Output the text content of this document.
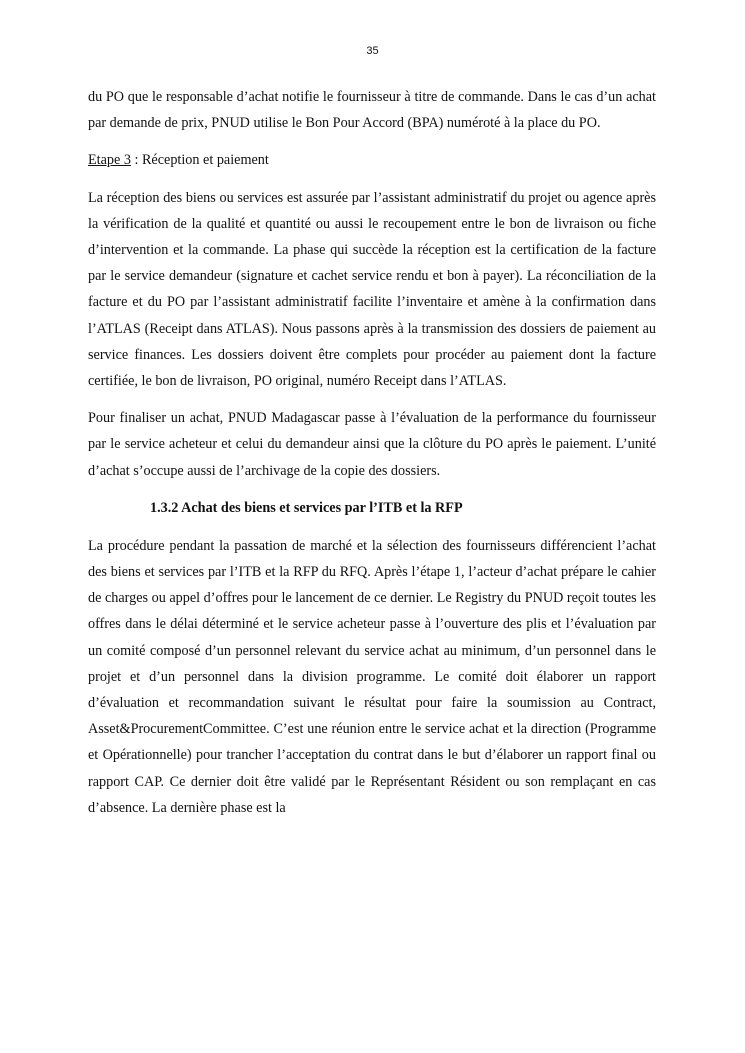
35

du PO que le responsable d’achat notifie le fournisseur à titre de commande. Dans le cas d’un achat par demande de prix, PNUD utilise le Bon Pour Accord (BPA) numéroté à la place du PO.

Etape 3 : Réception et paiement

La réception des biens ou services est assurée par l’assistant administratif du projet ou agence après la vérification de la qualité et quantité ou aussi le recoupement entre le bon de livraison ou fiche d’intervention et la commande. La phase qui succède la réception est la certification de la facture par le service demandeur (signature et cachet service rendu et bon à payer). La réconciliation de la facture et du PO par l’assistant administratif facilite l’inventaire et amène à la confirmation dans l’ATLAS (Receipt dans ATLAS). Nous passons après à la transmission des dossiers de paiement au service finances. Les dossiers doivent être complets pour procéder au paiement dont la facture certifiée, le bon de livraison, PO original, numéro Receipt dans l’ATLAS.

Pour finaliser un achat, PNUD Madagascar passe à l’évaluation de la performance du fournisseur par le service acheteur et celui du demandeur ainsi que la clôture du PO après le paiement. L’unité d’achat s’occupe aussi de l’archivage de la copie des dossiers.

1.3.2 Achat des biens et services par l’ITB et la RFP

La procédure pendant la passation de marché et la sélection des fournisseurs différencient l’achat des biens et services par l’ITB et la RFP du RFQ. Après l’étape 1, l’acteur d’achat prépare le cahier de charges ou appel d’offres pour le lancement de ce dernier. Le Registry du PNUD reçoit toutes les offres dans le délai déterminé et le service acheteur passe à l’ouverture des plis et l’évaluation par un comité composé d’un personnel relevant du service achat au minimum, d’un personnel dans le projet et d’un personnel dans la division programme. Le comité doit élaborer un rapport d’évaluation et recommandation suivant le résultat pour faire la soumission au Contract, Asset&ProcurementCommittee. C’est une réunion entre le service achat et la direction (Programme et Opérationnelle) pour trancher l’acceptation du contrat dans le but d’élaborer un rapport final ou rapport CAP. Ce dernier doit être validé par le Représentant Résident ou son remplaçant en cas d’absence. La dernière phase est la
